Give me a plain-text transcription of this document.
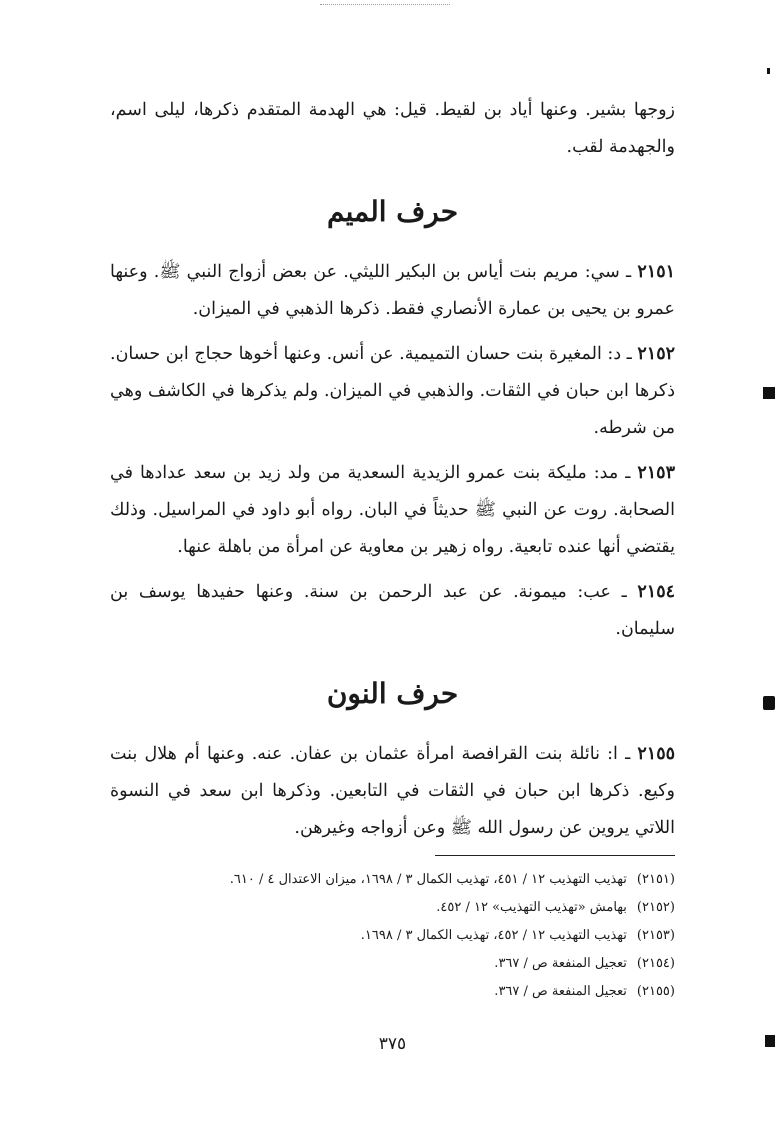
زوجها بشير. وعنها أياد بن لقيط. قيل: هي الهدمة المتقدم ذكرها، ليلى اسم، والجهدمة لقب.

حرف الميم

٢١٥١ ـ سي: مريم بنت أياس بن البكير الليثي. عن بعض أزواج النبي ﷺ. وعنها عمرو بن يحيى بن عمارة الأنصاري فقط. ذكرها الذهبي في الميزان.

٢١٥٢ ـ د: المغيرة بنت حسان التميمية. عن أنس. وعنها أخوها حجاج ابن حسان. ذكرها ابن حبان في الثقات. والذهبي في الميزان. ولم يذكرها في الكاشف وهي من شرطه.

٢١٥٣ ـ مد: مليكة بنت عمرو الزيدية السعدية من ولد زيد بن سعد عدادها في الصحابة. روت عن النبي ﷺ حديثاً في البان. رواه أبو داود في المراسيل. وذلك يقتضي أنها عنده تابعية. رواه زهير بن معاوية عن امرأة من باهلة عنها.

٢١٥٤ ـ عب: ميمونة. عن عبد الرحمن بن سنة. وعنها حفيدها يوسف بن سليمان.

حرف النون

٢١٥٥ ـ ا: نائلة بنت القرافصة امرأة عثمان بن عفان. عنه. وعنها أم هلال بنت وكيع. ذكرها ابن حبان في الثقات في التابعين. وذكرها ابن سعد في النسوة اللاتي يروين عن رسول الله ﷺ وعن أزواجه وغيرهن.

(٢١٥١)تهذيب التهذيب ١٢ / ٤٥١، تهذيب الكمال ٣ / ١٦٩٨، ميزان الاعتدال ٤ / ٦١٠.
(٢١٥٢)بهامش «تهذيب التهذيب» ١٢ / ٤٥٢.
(٢١٥٣)تهذيب التهذيب ١٢ / ٤٥٢، تهذيب الكمال ٣ / ١٦٩٨.
(٢١٥٤)تعجيل المنفعة ص / ٣٦٧.
(٢١٥٥)تعجيل المنفعة ص / ٣٦٧.
٣٧٥
